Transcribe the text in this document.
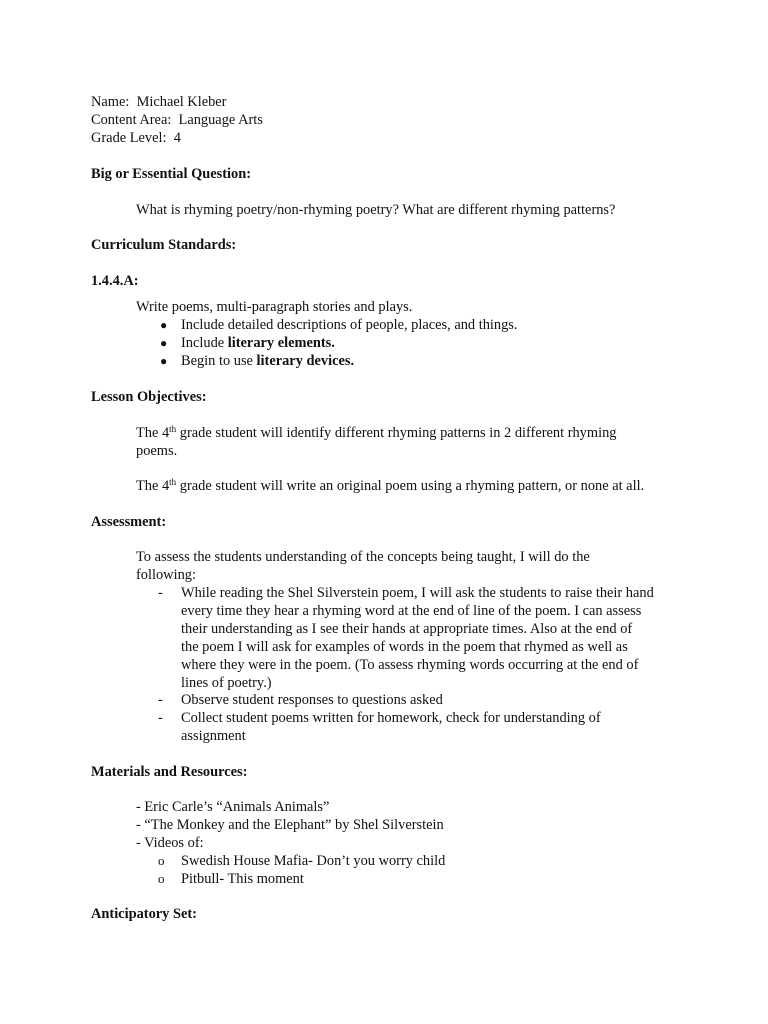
Name: Michael Kleber
Content Area: Language Arts
Grade Level: 4
Big or Essential Question:
What is rhyming poetry/non-rhyming poetry? What are different rhyming patterns?
Curriculum Standards:
1.4.4.A:
Write poems, multi-paragraph stories and plays.
● Include detailed descriptions of people, places, and things.
● Include literary elements.
● Begin to use literary devices.
Lesson Objectives:
The 4th grade student will identify different rhyming patterns in 2 different rhyming
poems.
The 4th grade student will write an original poem using a rhyming pattern, or none at all.
Assessment:
To assess the students understanding of the concepts being taught, I will do the
following:
- While reading the Shel Silverstein poem, I will ask the students to raise their hand
every time they hear a rhyming word at the end of line of the poem. I can assess
their understanding as I see their hands at appropriate times. Also at the end of
the poem I will ask for examples of words in the poem that rhymed as well as
where they were in the poem. (To assess rhyming words occurring at the end of
lines of poetry.)
- Observe student responses to questions asked
- Collect student poems written for homework, check for understanding of
assignment
Materials and Resources:
- Eric Carle’s “Animals Animals”
- “The Monkey and the Elephant” by Shel Silverstein
- Videos of:
o Swedish House Mafia- Don’t you worry child
o Pitbull- This moment
Anticipatory Set:
